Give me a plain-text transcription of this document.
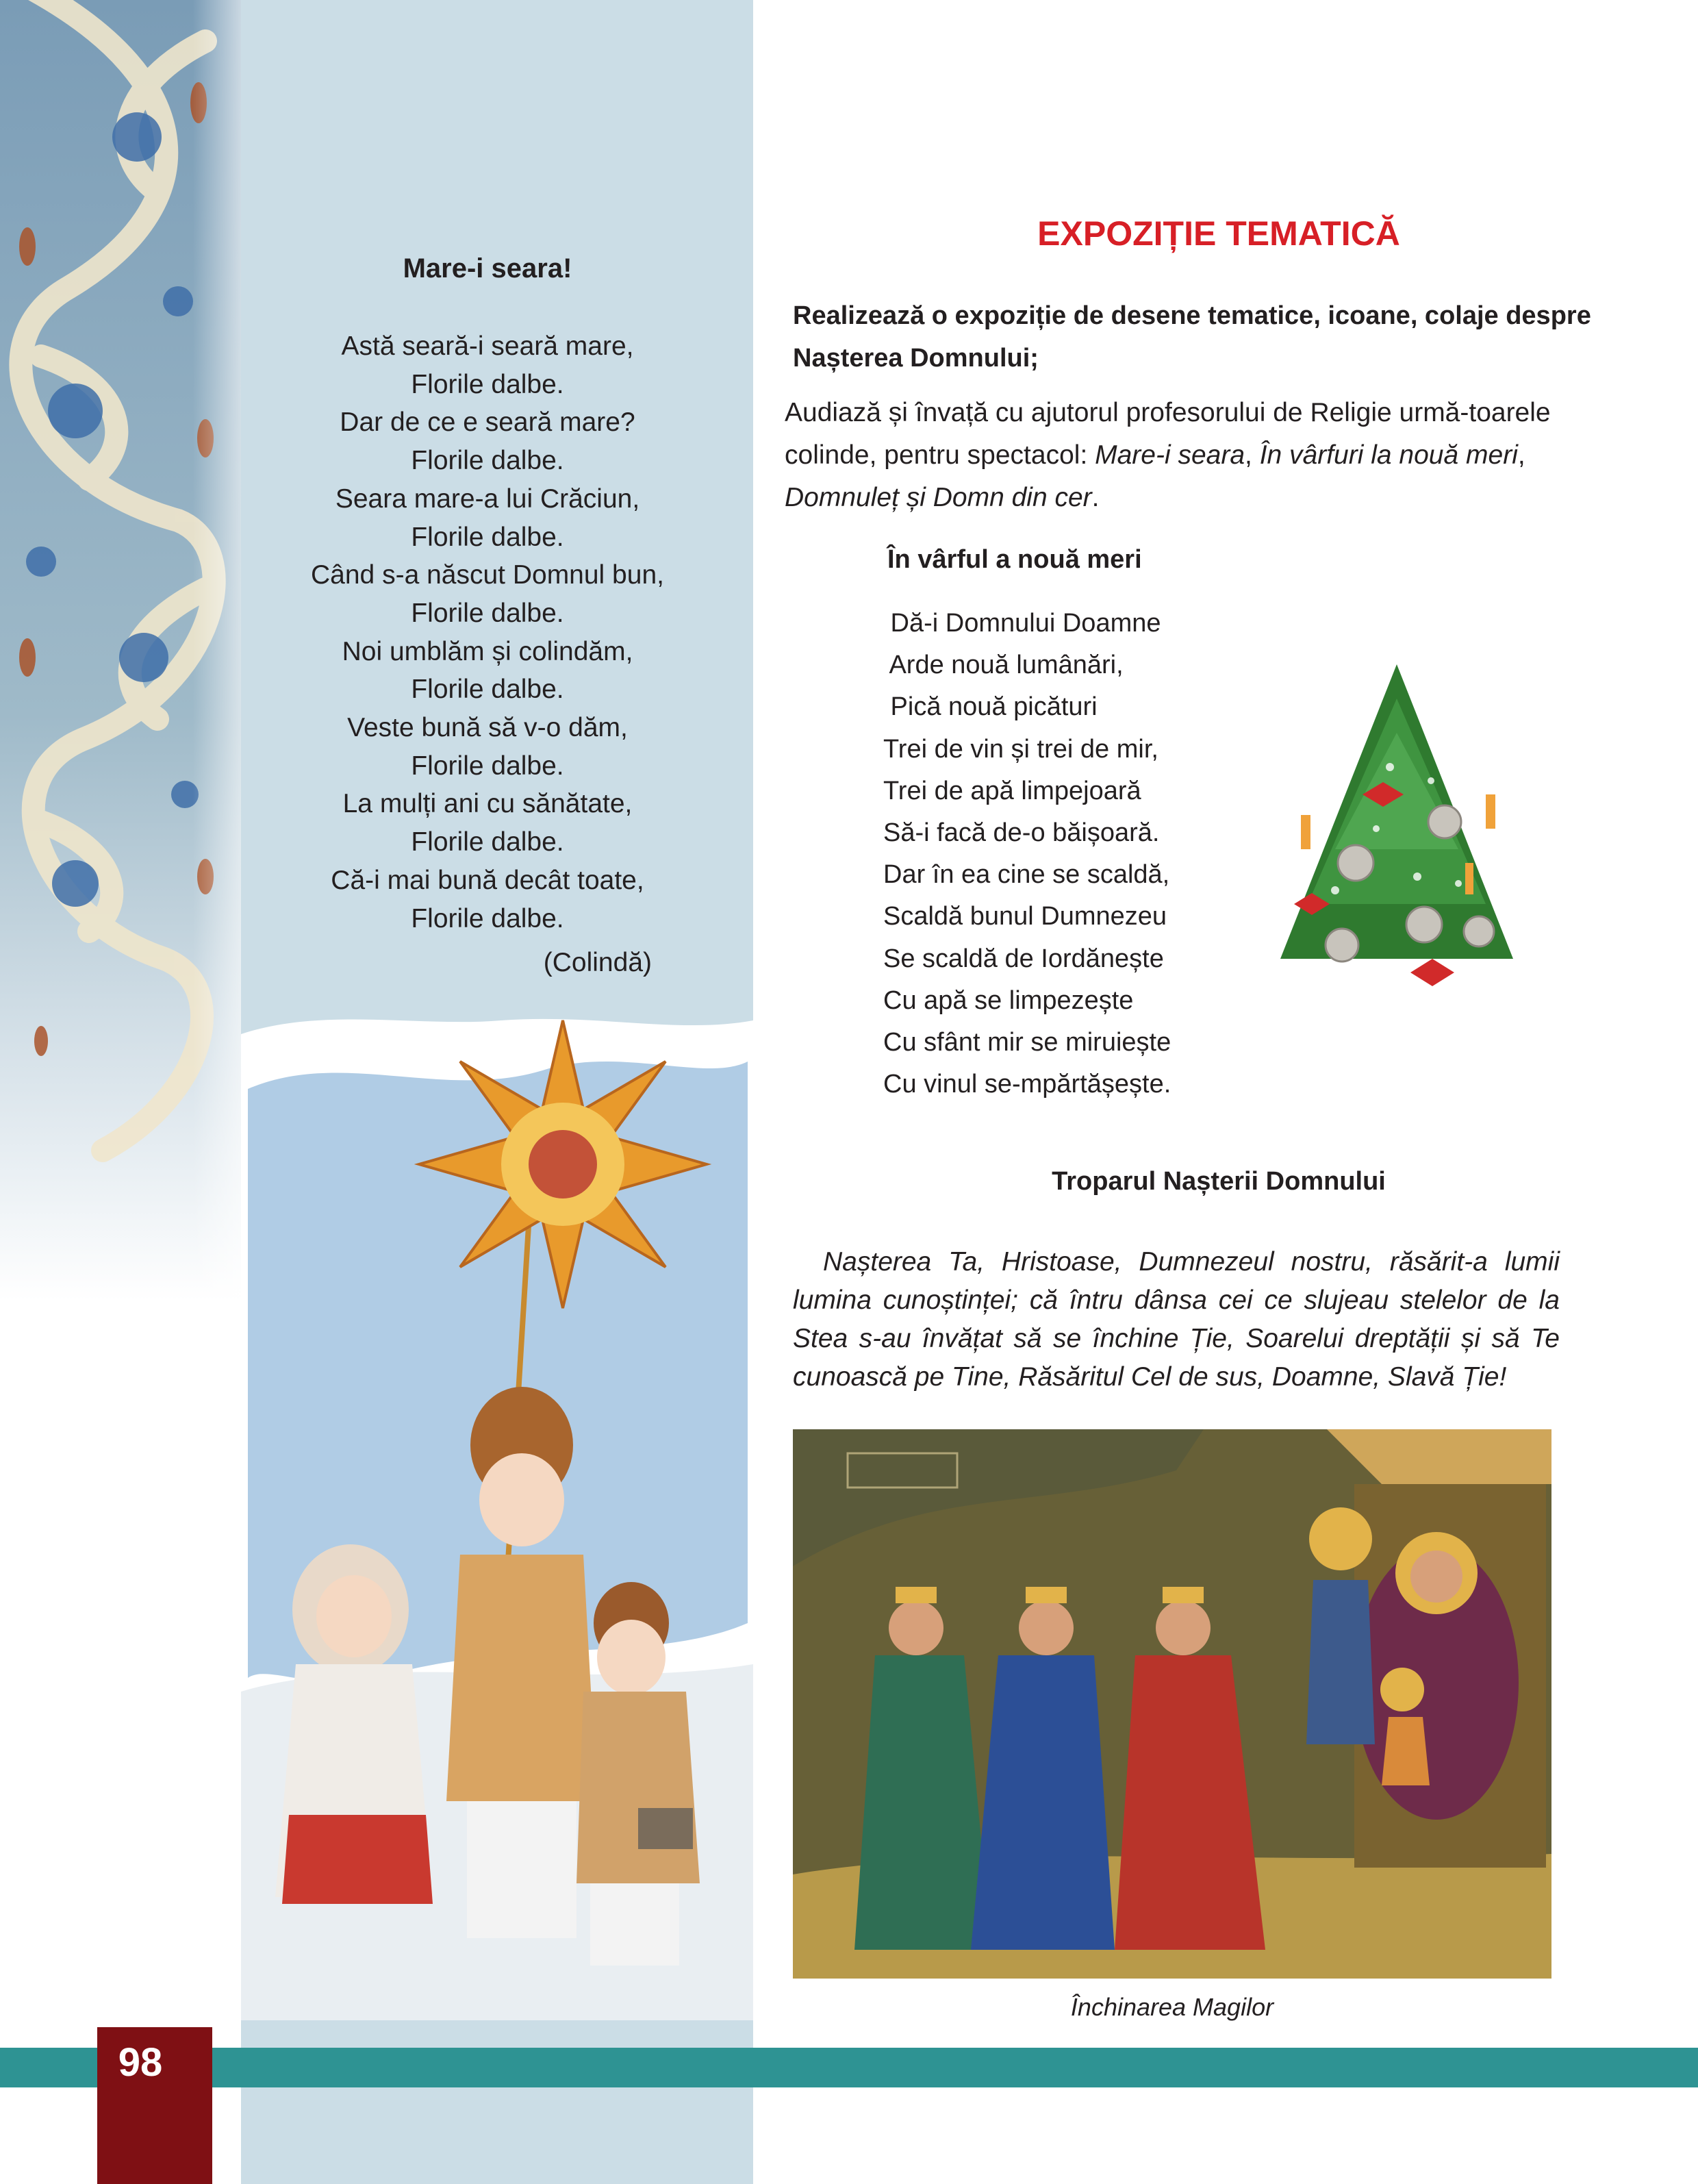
Mare-i seara!
Astă seară-i seară mare,
Florile dalbe.
Dar de ce e seară mare?
Florile dalbe.
Seara mare-a lui Crăciun,
Florile dalbe.
Când s-a născut Domnul bun,
Florile dalbe.
Noi umblăm și colindăm,
Florile dalbe.
Veste bună să v-o dăm,
Florile dalbe.
La mulți ani cu sănătate,
Florile dalbe.
Că-i mai bună decât toate,
Florile dalbe.
(Colindă)
EXPOZIȚIE TEMATICĂ
Realizează o expoziție de desene tematice, icoane, colaje despre Nașterea Domnului;
Audiază și învață cu ajutorul profesorului de Religie urmă-toarele colinde, pentru spectacol: Mare-i seara, În vârfuri la nouă meri, Domnuleț și Domn din cer.
În vârful a nouă meri
Dă-i Domnului Doamne
Arde nouă lumânări,
Pică nouă picături
Trei de vin și trei de mir,
Trei de apă limpejoară
Să-i facă de-o băișoară.
Dar în ea cine se scaldă,
Scaldă bunul Dumnezeu
Se scaldă de Iordănește
Cu apă se limpezește
Cu sfânt mir se miruiește
Cu vinul se-mpărtășește.
Troparul Nașterii Domnului
Nașterea Ta, Hristoase, Dumnezeul nostru, răsărit-a lumii lumina cunoștinței; că întru dânsa cei ce slujeau stelelor de la Stea s-au învățat să se închine Ție, Soarelui dreptății și să Te cunoască pe Tine, Răsăritul Cel de sus, Doamne, Slavă Ție!
Închinarea Magilor
98
